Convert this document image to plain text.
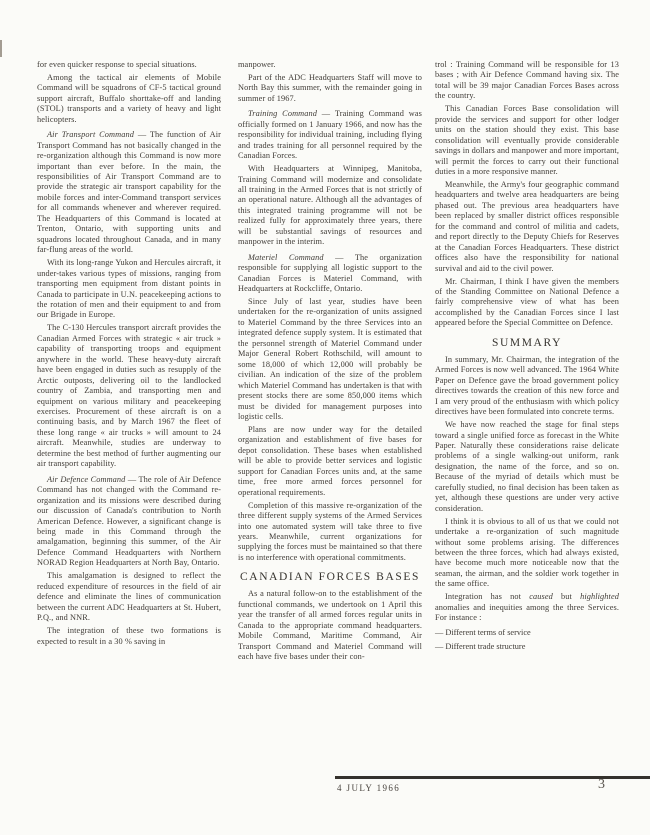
for even quicker response to special situations.

Among the tactical air elements of Mobile Command will be squadrons of CF-5 tactical ground support aircraft, Buffalo shorttake-off and landing (STOL) transports and a variety of heavy and light helicopters.

Air Transport Command — The function of Air Transport Command has not basically changed in the re-organization although this Command is now more important than ever before. In the main, the responsibilities of Air Transport Command are to provide the strategic air transport capability for the mobile forces and inter-Command transport services for all commands whenever and wherever required. The Headquarters of this Command is located at Trenton, Ontario, with supporting units and squadrons located throughout Canada, and in many far-flung areas of the world.

With its long-range Yukon and Hercules aircraft, it under-takes various types of missions, ranging from transporting men equipment from distant points in Canada to participate in U.N. peacekeeping actions to the rotation of men and their equipment to and from our Brigade in Europe.

The C-130 Hercules transport aircraft provides the Canadian Armed Forces with strategic « air truck » capability of transporting troops and equipment anywhere in the world. These heavy-duty aircraft have been engaged in duties such as resupply of the Arctic outposts, delivering oil to the landlocked country of Zambia, and transporting men and equipment on various military and peacekeeping exercises. Procurement of these aircraft is on a continuing basis, and by March 1967 the fleet of these long range « air trucks » will amount to 24 aircraft. Meanwhile, studies are underway to determine the best method of further augmenting our air transport capability.

Air Defence Command — The role of Air Defence Command has not changed with the Command re-organization and its missions were described during our discussion of Canada's contribution to North American Defence. However, a significant change is being made in this Command through the amalgamation, beginning this summer, of the Air Defence Command Headquarters with Northern NORAD Region Headquarters at North Bay, Ontario.

This amalgamation is designed to reflect the reduced expenditure of resources in the field of air defence and eliminate the lines of communication between the current ADC Headquarters at St. Hubert, P.Q., and NNR.

The integration of these two formations is expected to result in a 30 % saving in

manpower.

Part of the ADC Headquarters Staff will move to North Bay this summer, with the remainder going in summer of 1967.

Training Command — Training Command was officially formed on 1 January 1966, and now has the responsibility for individual training, including flying and trades training for all personnel required by the Canadian Forces.

With Headquarters at Winnipeg, Manitoba, Training Command will modernize and consolidate all training in the Armed Forces that is not strictly of an operational nature. Although all the advantages of this integrated training programme will not be realized fully for approximately three years, there will be substantial savings of resources and manpower in the interim.

Materiel Command — The organization responsible for supplying all logistic support to the Canadian Forces is Materiel Command, with Headquarters at Rockcliffe, Ontario.

Since July of last year, studies have been undertaken for the re-organization of units assigned to Materiel Command by the three Services into an integrated defence supply system. It is estimated that the personnel strength of Materiel Command under Major General Robert Rothschild, will amount to some 18,000 of which 12,000 will probably be civilian. An indication of the size of the problem which Materiel Command has undertaken is that with present stocks there are some 850,000 items which must be divided for management purposes into logistic cells.

Plans are now under way for the detailed organization and establishment of five bases for depot consolidation. These bases when established will be able to provide better services and logistic support for Canadian Forces units and, at the same time, free more armed forces personnel for operational requirements.

Completion of this massive re-organization of the three different supply systems of the Armed Services into one automated system will take three to five years. Meanwhile, current organizations for supplying the forces must be maintained so that there is no interference with operational commitments.

CANADIAN FORCES BASES

As a natural follow-on to the establishment of the functional commands, we undertook on 1 April this year the transfer of all armed forces regular units in Canada to the appropriate command headquarters. Mobile Command, Maritime Command, Air Transport Command and Materiel Command will each have five bases under their con-

trol : Training Command will be responsible for 13 bases ; with Air Defence Command having six. The total will be 39 major Canadian Forces Bases across the country.

This Canadian Forces Base consolidation will provide the services and support for other lodger units on the station should they exist. This base consolidation will eventually provide considerable savings in dollars and manpower and more important, will permit the forces to carry out their functional duties in a more responsive manner.

Meanwhile, the Army's four geographic command headquarters and twelve area headquarters are being phased out. The previous area headquarters have been replaced by smaller district offices responsible for the command and control of militia and cadets, and report directly to the Deputy Chiefs for Reserves at the Canadian Forces Headquarters. These district offices also have the responsibility for national survival and aid to the civil power.

Mr. Chairman, I think I have given the members of the Standing Committee on National Defence a fairly comprehensive view of what has been accomplished by the Canadian Forces since I last appeared before the Special Committee on Defence.

SUMMARY

In summary, Mr. Chairman, the integration of the Armed Forces is now well advanced. The 1964 White Paper on Defence gave the broad government policy directives towards the creation of this new force and I am very proud of the enthusiasm with which policy directives have been formulated into concrete terms.

We have now reached the stage for final steps toward a single unified force as forecast in the White Paper. Naturally these considerations raise delicate problems of a single walking-out uniform, rank designation, the name of the force, and so on. Because of the myriad of details which must be carefully studied, no final decision has been taken as yet, although these questions are under very active consideration.

I think it is obvious to all of us that we could not undertake a re-organization of such magnitude without some problems arising. The differences between the three forces, which had always existed, have become much more noticeable now that the seaman, the airman, and the soldier work together in the same office.

Integration has not caused but highlighted anomalies and inequities among the three Services. For instance :

— Different terms of service

— Different trade structure

4 JULY 1966	3
